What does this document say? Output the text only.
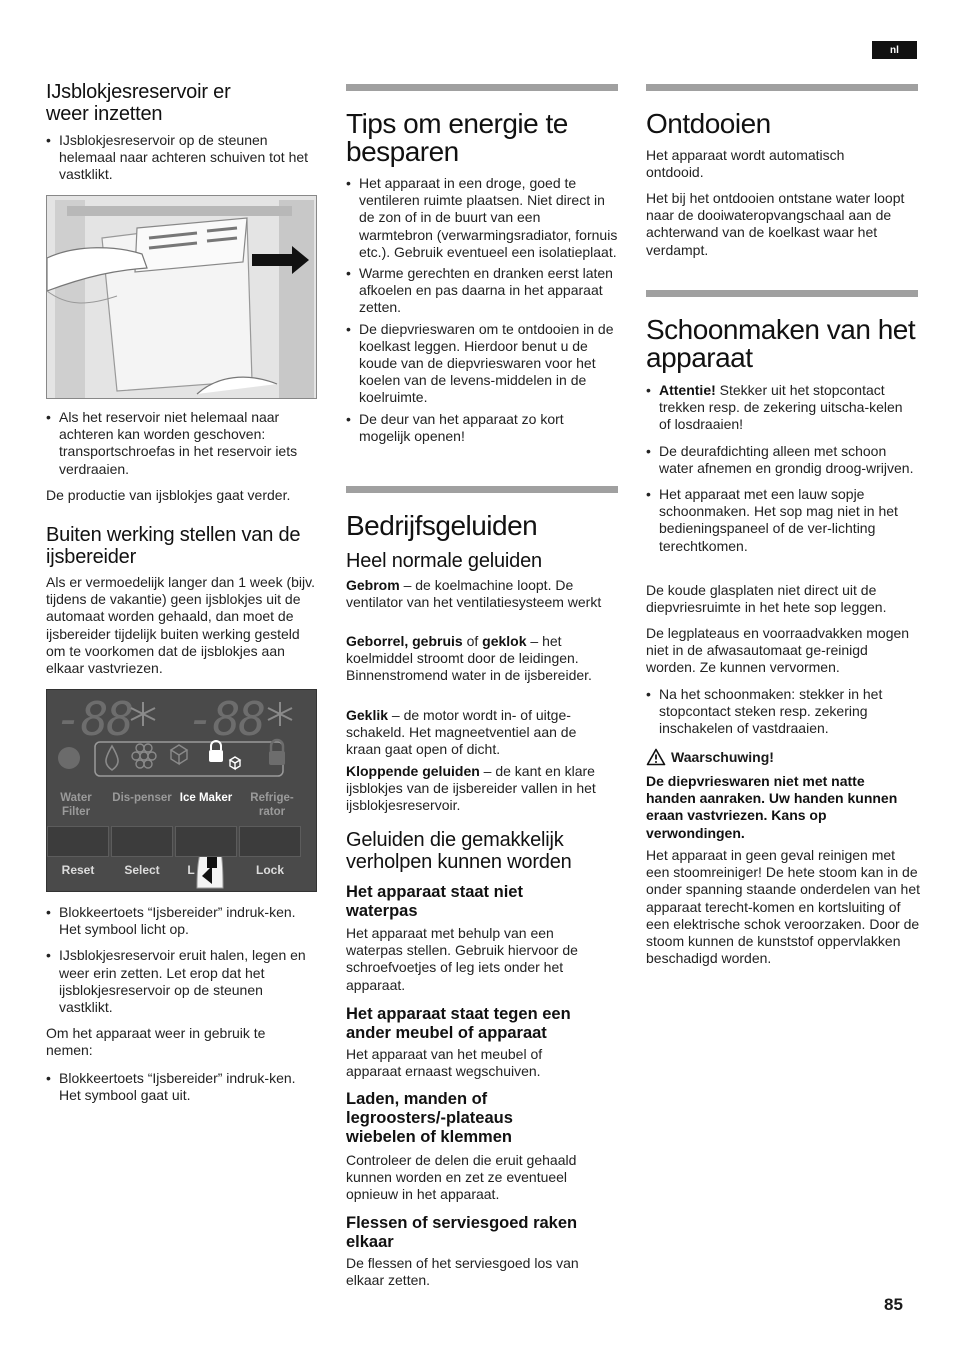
nl
IJsblokjesreservoir er weer inzetten
• IJsblokjesreservoir op de steunen helemaal naar achteren schuiven tot het vastklikt.
• Als het reservoir niet helemaal naar achteren kan worden geschoven: transportschroefas in het reservoir iets verdraaien.
De productie van ijsblokjes gaat verder.
Buiten werking stellen van de ijsbereider
Als er vermoedelijk langer dan 1 week (bijv. tijdens de vakantie) geen ijsblokjes uit de automaat worden gehaald, dan moet de ijsbereider tijdelijk buiten werking gesteld om te voorkomen dat de ijsblokjes aan elkaar vastvriezen.
-88 -88
Water Filter
Dis-penser Ice Maker	Refrige-rator
Reset	Select	L	Lock
• Blokkeertoets “Ijsbereider” indruk-ken. Het symbool licht op.
• IJsblokjesreservoir eruit halen, legen en weer erin zetten. Let erop dat het ijsblokjesreservoir op de steunen vastklikt.
Om het apparaat weer in gebruik te nemen:
• Blokkeertoets “Ijsbereider” indruk-ken. Het symbool gaat uit.
Tips om energie te besparen
• Het apparaat in een droge, goed te ventileren ruimte plaatsen. Niet direct in de zon of in de buurt van een warmtebron (verwarmingsradiator, fornuis etc.). Gebruik eventueel een isolatieplaat.
• Warme gerechten en dranken eerst laten afkoelen en pas daarna in het apparaat zetten.
• De diepvrieswaren om te ontdooien in de koelkast leggen. Hierdoor benut u de koude van de diepvrieswaren voor het koelen van de levens-middelen in de koelruimte.
• De deur van het apparaat zo kort mogelijk openen!
Bedrijfsgeluiden
Heel normale geluiden
Gebrom – de koelmachine loopt. De ventilator van het ventilatiesysteem werkt
Geborrel, gebruis of geklok – het koelmiddel stroomt door de leidingen. Binnenstromend water in de ijsbereider.
Geklik – de motor wordt in- of uitge-schakeld. Het magneetventiel aan de kraan gaat open of dicht.
Kloppende geluiden – de kant en klare ijsblokjes van de ijsbereider vallen in het ijsblokjesreservoir.
Geluiden die gemakkelijk verholpen kunnen worden
Het apparaat staat niet waterpas
Het apparaat met behulp van een waterpas stellen. Gebruik hiervoor de schroefvoetjes of leg iets onder het apparaat.
Het apparaat staat tegen een ander meubel of apparaat
Het apparaat van het meubel of apparaat ernaast wegschuiven.
Laden, manden of legroosters/-plateaus wiebelen of klemmen
Controleer de delen die eruit gehaald kunnen worden en zet ze eventueel opnieuw in het apparaat.
Flessen of serviesgoed raken elkaar
De flessen of het serviesgoed los van elkaar zetten.
Ontdooien
Het apparaat wordt automatisch ontdooid.
Het bij het ontdooien ontstane water loopt naar de dooiwateropvangschaal aan de achterwand van de koelkast waar het verdampt.
Schoonmaken van het apparaat
• Attentie! Stekker uit het stopcontact trekken resp. de zekering uitscha-kelen of losdraaien!
• De deurafdichting alleen met schoon water afnemen en grondig droog-wrijven.
• Het apparaat met een lauw sopje schoonmaken. Het sop mag niet in het bedieningspaneel of de ver-lichting terechtkomen.
De koude glasplaten niet direct uit de diepvriesruimte in het hete sop leggen.
De legplateaus en voorraadvakken mogen niet in de afwasautomaat ge-reinigd worden. Ze kunnen vervormen.
• Na het schoonmaken: stekker in het stopcontact steken resp. zekering inschakelen of vastdraaien.
Waarschuwing!
De diepvrieswaren niet met natte handen aanraken. Uw handen kunnen eraan vastvriezen. Kans op verwondingen.
Het apparaat in geen geval reinigen met een stoomreiniger! De hete stoom kan in de onder spanning staande onderdelen van het apparaat terecht-komen en kortsluiting of een elektrische schok veroorzaken. Door de stoom kunnen de kunststof oppervlakken beschadigd worden.
85
